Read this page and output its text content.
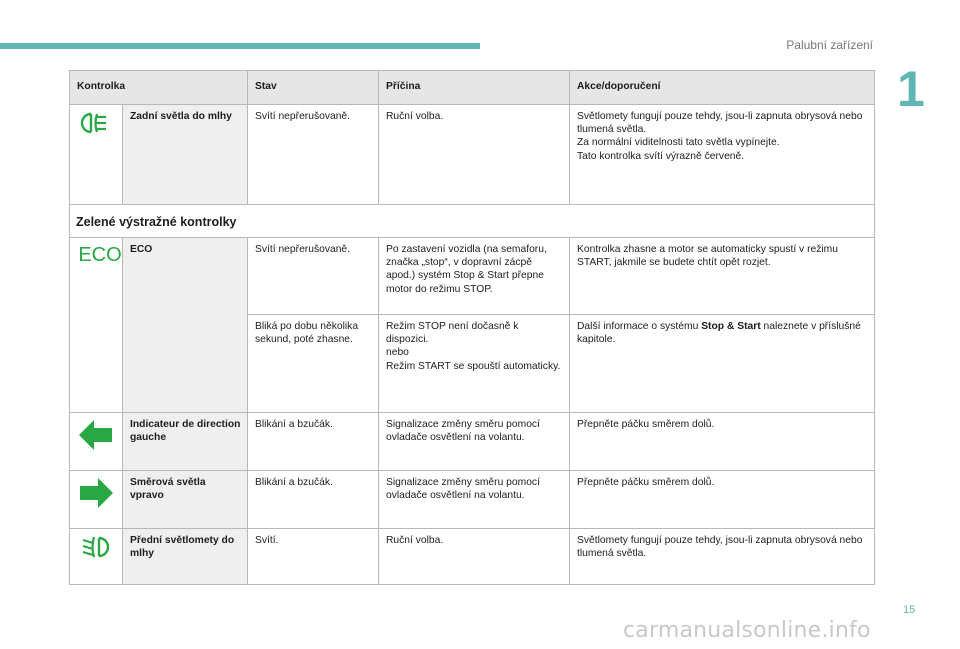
Palubní zařízení
1
Kontrolka		Stav	Příčina	Akce/doporučení
	Zadní světla do mlhy	Svítí nepřerušovaně.	Ruční volba.	Světlomety fungují pouze tehdy, jsou-li zapnuta obrysová nebo tlumená světla.
Za normální viditelnosti tato světla vypínejte.
Tato kontrolka svítí výrazně červeně.
Zelené výstražné kontrolky				

ECO	ECO	Svítí nepřerušovaně.	Po zastavení vozidla (na semaforu, značka „stop“, v dopravní zácpě apod.) systém Stop & Start přepne motor do režimu STOP.	Kontrolka zhasne a motor se automaticky spustí v režimu START, jakmile se budete chtít opět rozjet.
		Bliká po dobu několika sekund, poté zhasne.	Režim STOP není dočasně k dispozici.
nebo
Režim START se spouští automaticky.	Další informace o systému Stop & Start naleznete v příslušné kapitole.
	Indicateur de direction gauche	Blikání a bzučák.	Signalizace změny směru pomocí ovladače osvětlení na volantu.	Přepněte páčku směrem dolů.
	Směrová světla vpravo	Blikání a bzučák.	Signalizace změny směru pomocí ovladače osvětlení na volantu.	Přepněte páčku směrem dolů.
	Přední světlomety do mlhy	Svítí.	Ruční volba.	Světlomety fungují pouze tehdy, jsou-li zapnuta obrysová nebo tlumená světla.
15
carmanualsonline.info
